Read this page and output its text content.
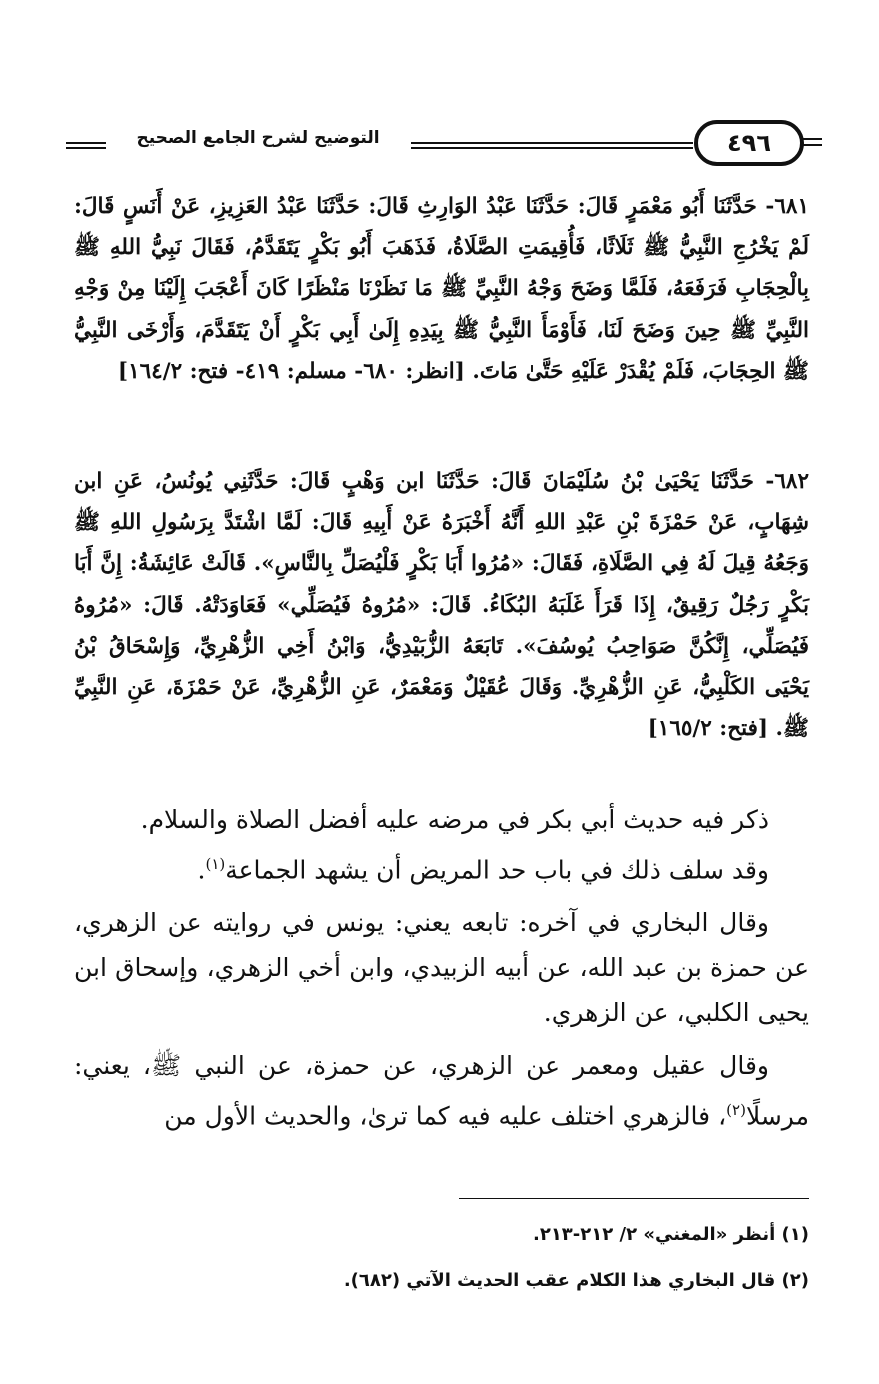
التوضيح لشرح الجامع الصحيح	٤٩٦

٦٨١- حَدَّثَنَا أَبُو مَعْمَرٍ قَالَ: حَدَّثَنَا عَبْدُ الوَارِثِ قَالَ: حَدَّثَنَا عَبْدُ العَزِيزِ، عَنْ أَنَسٍ قَالَ: لَمْ يَخْرُجِ النَّبِيُّ ﷺ ثَلَاثًا، فَأُقِيمَتِ الصَّلَاةُ، فَذَهَبَ أَبُو بَكْرٍ يَتَقَدَّمُ، فَقَالَ نَبِيُّ اللهِ ﷺ بِالْحِجَابِ فَرَفَعَهُ، فَلَمَّا وَضَحَ وَجْهُ النَّبِيِّ ﷺ مَا نَظَرْنَا مَنْظَرًا كَانَ أَعْجَبَ إِلَيْنَا مِنْ وَجْهِ النَّبِيِّ ﷺ حِينَ وَضَحَ لَنَا، فَأَوْمَأَ النَّبِيُّ ﷺ بِيَدِهِ إِلَىٰ أَبِي بَكْرٍ أَنْ يَتَقَدَّمَ، وَأَرْخَى النَّبِيُّ ﷺ الحِجَابَ، فَلَمْ يُقْدَرْ عَلَيْهِ حَتَّىٰ مَاتَ. [انظر: ٦٨٠- مسلم: ٤١٩- فتح: ١٦٤/٢]

٦٨٢- حَدَّثَنَا يَحْيَىٰ بْنُ سُلَيْمَانَ قَالَ: حَدَّثَنَا ابن وَهْبٍ قَالَ: حَدَّثَنِي يُونُسُ، عَنِ ابن شِهَابٍ، عَنْ حَمْزَةَ بْنِ عَبْدِ اللهِ أَنَّهُ أَخْبَرَهُ عَنْ أَبِيهِ قَالَ: لَمَّا اشْتَدَّ بِرَسُولِ اللهِ ﷺ وَجَعُهُ قِيلَ لَهُ فِي الصَّلَاةِ، فَقَالَ: «مُرُوا أَبَا بَكْرٍ فَلْيُصَلِّ بِالنَّاسِ». قَالَتْ عَائِشَةُ: إِنَّ أَبَا بَكْرٍ رَجُلٌ رَقِيقٌ، إِذَا قَرَأَ غَلَبَهُ البُكَاءُ. قَالَ: «مُرُوهُ فَيُصَلِّي» فَعَاوَدَتْهُ. قَالَ: «مُرُوهُ فَيُصَلِّي، إِنَّكُنَّ صَوَاحِبُ يُوسُفَ». تَابَعَهُ الزُّبَيْدِيُّ، وَابْنُ أَخِي الزُّهْرِيِّ، وَإِسْحَاقُ بْنُ يَحْيَى الكَلْبِيُّ، عَنِ الزُّهْرِيِّ. وَقَالَ عُقَيْلٌ وَمَعْمَرٌ، عَنِ الزُّهْرِيِّ، عَنْ حَمْزَةَ، عَنِ النَّبِيِّ ﷺ. [فتح: ١٦٥/٢]

ذكر فيه حديث أبي بكر في مرضه عليه أفضل الصلاة والسلام.

وقد سلف ذلك في باب حد المريض أن يشهد الجماعة$^{(١)}$.

وقال البخاري في آخره: تابعه يعني: يونس في روايته عن الزهري، عن حمزة بن عبد الله، عن أبيه الزبيدي، وابن أخي الزهري، وإسحاق ابن يحيى الكلبي، عن الزهري.

وقال عقيل ومعمر عن الزهري، عن حمزة، عن النبي ﷺ، يعني: مرسلًا$^{(٢)}$، فالزهري اختلف عليه فيه كما ترىٰ، والحديث الأول من

(١) أنظر «المغني» ٢/ ٢١٢-٢١٣.

(٢) قال البخاري هذا الكلام عقب الحديث الآتي (٦٨٢).
